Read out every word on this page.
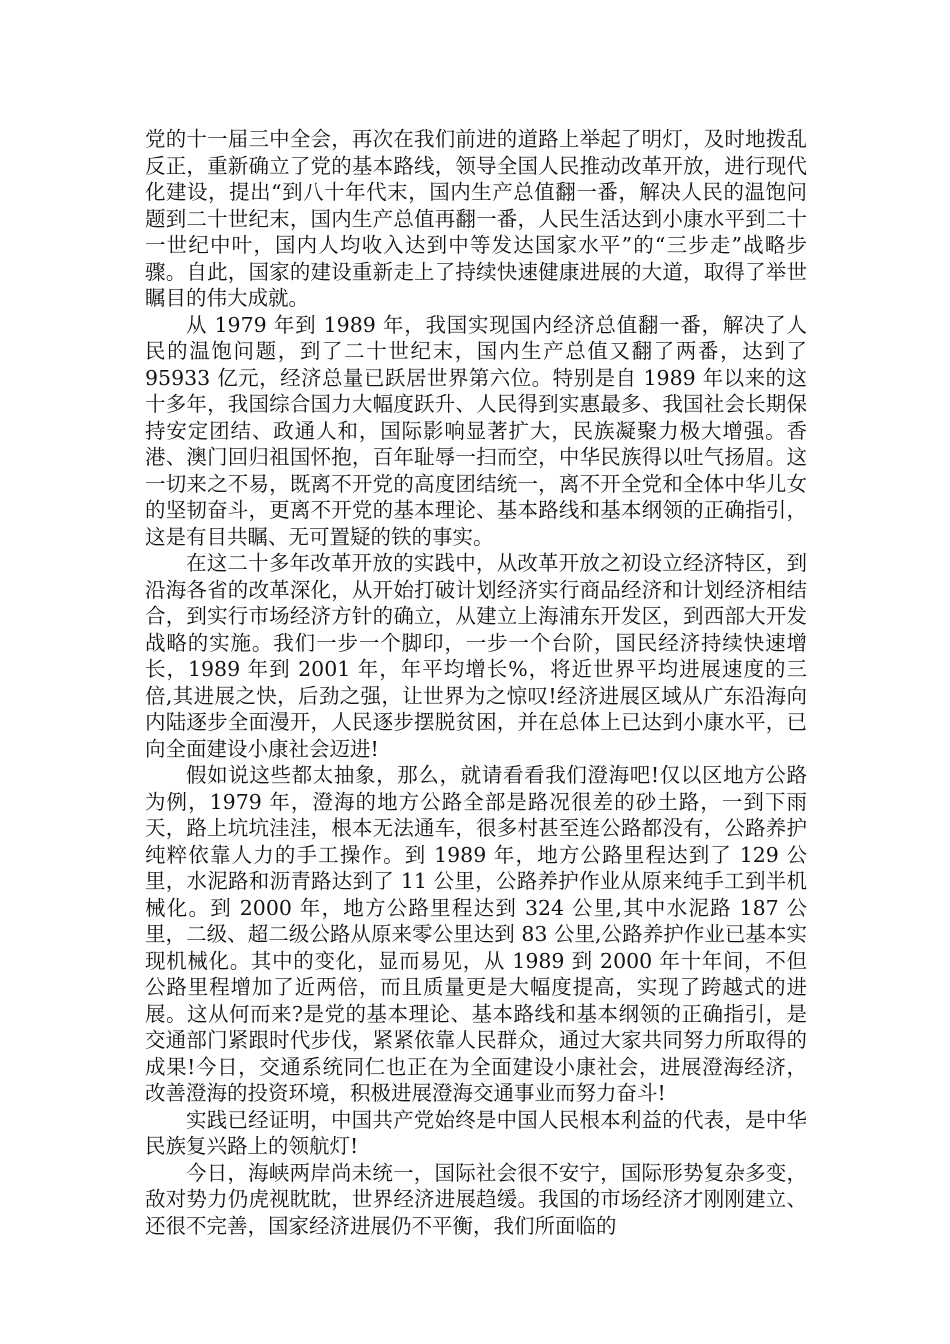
党的十一届三中全会，再次在我们前进的道路上举起了明灯，及时地拨乱反正，重新确立了党的基本路线，领导全国人民推动改革开放，进行现代化建设，提出“到八十年代末，国内生产总值翻一番，解决人民的温饱问题到二十世纪末，国内生产总值再翻一番，人民生活达到小康水平到二十一世纪中叶，国内人均收入达到中等发达国家水平”的“三步走”战略步骤。自此，国家的建设重新走上了持续快速健康进展的大道，取得了举世瞩目的伟大成就。

从 1979 年到 1989 年，我国实现国内经济总值翻一番，解决了人民的温饱问题，到了二十世纪末，国内生产总值又翻了两番，达到了 95933 亿元，经济总量已跃居世界第六位。特别是自 1989 年以来的这十多年，我国综合国力大幅度跃升、人民得到实惠最多、我国社会长期保持安定团结、政通人和，国际影响显著扩大，民族凝聚力极大增强。香港、澳门回归祖国怀抱，百年耻辱一扫而空，中华民族得以吐气扬眉。这一切来之不易，既离不开党的高度团结统一，离不开全党和全体中华儿女的坚韧奋斗，更离不开党的基本理论、基本路线和基本纲领的正确指引，这是有目共瞩、无可置疑的铁的事实。

在这二十多年改革开放的实践中，从改革开放之初设立经济特区，到沿海各省的改革深化，从开始打破计划经济实行商品经济和计划经济相结合，到实行市场经济方针的确立，从建立上海浦东开发区，到西部大开发战略的实施。我们一步一个脚印，一步一个台阶，国民经济持续快速增长，1989 年到 2001 年，年平均增长%，将近世界平均进展速度的三倍,其进展之快，后劲之强，让世界为之惊叹!经济进展区域从广东沿海向内陆逐步全面漫开，人民逐步摆脱贫困，并在总体上已达到小康水平，已向全面建设小康社会迈进!

假如说这些都太抽象，那么，就请看看我们澄海吧!仅以区地方公路为例，1979 年，澄海的地方公路全部是路况很差的砂土路，一到下雨天，路上坑坑洼洼，根本无法通车，很多村甚至连公路都没有，公路养护纯粹依靠人力的手工操作。到 1989 年，地方公路里程达到了 129 公里，水泥路和沥青路达到了 11 公里，公路养护作业从原来纯手工到半机械化。到 2000 年，地方公路里程达到 324 公里,其中水泥路 187 公里，二级、超二级公路从原来零公里达到 83 公里,公路养护作业已基本实现机械化。其中的变化，显而易见，从 1989 到 2000 年十年间，不但公路里程增加了近两倍，而且质量更是大幅度提高，实现了跨越式的进展。这从何而来?是党的基本理论、基本路线和基本纲领的正确指引，是交通部门紧跟时代步伐，紧紧依靠人民群众，通过大家共同努力所取得的成果!今日，交通系统同仁也正在为全面建设小康社会，进展澄海经济，改善澄海的投资环境，积极进展澄海交通事业而努力奋斗!

实践已经证明，中国共产党始终是中国人民根本利益的代表，是中华民族复兴路上的领航灯!

今日，海峡两岸尚未统一，国际社会很不安宁，国际形势复杂多变，敌对势力仍虎视眈眈，世界经济进展趋缓。我国的市场经济才刚刚建立、还很不完善，国家经济进展仍不平衡，我们所面临的
